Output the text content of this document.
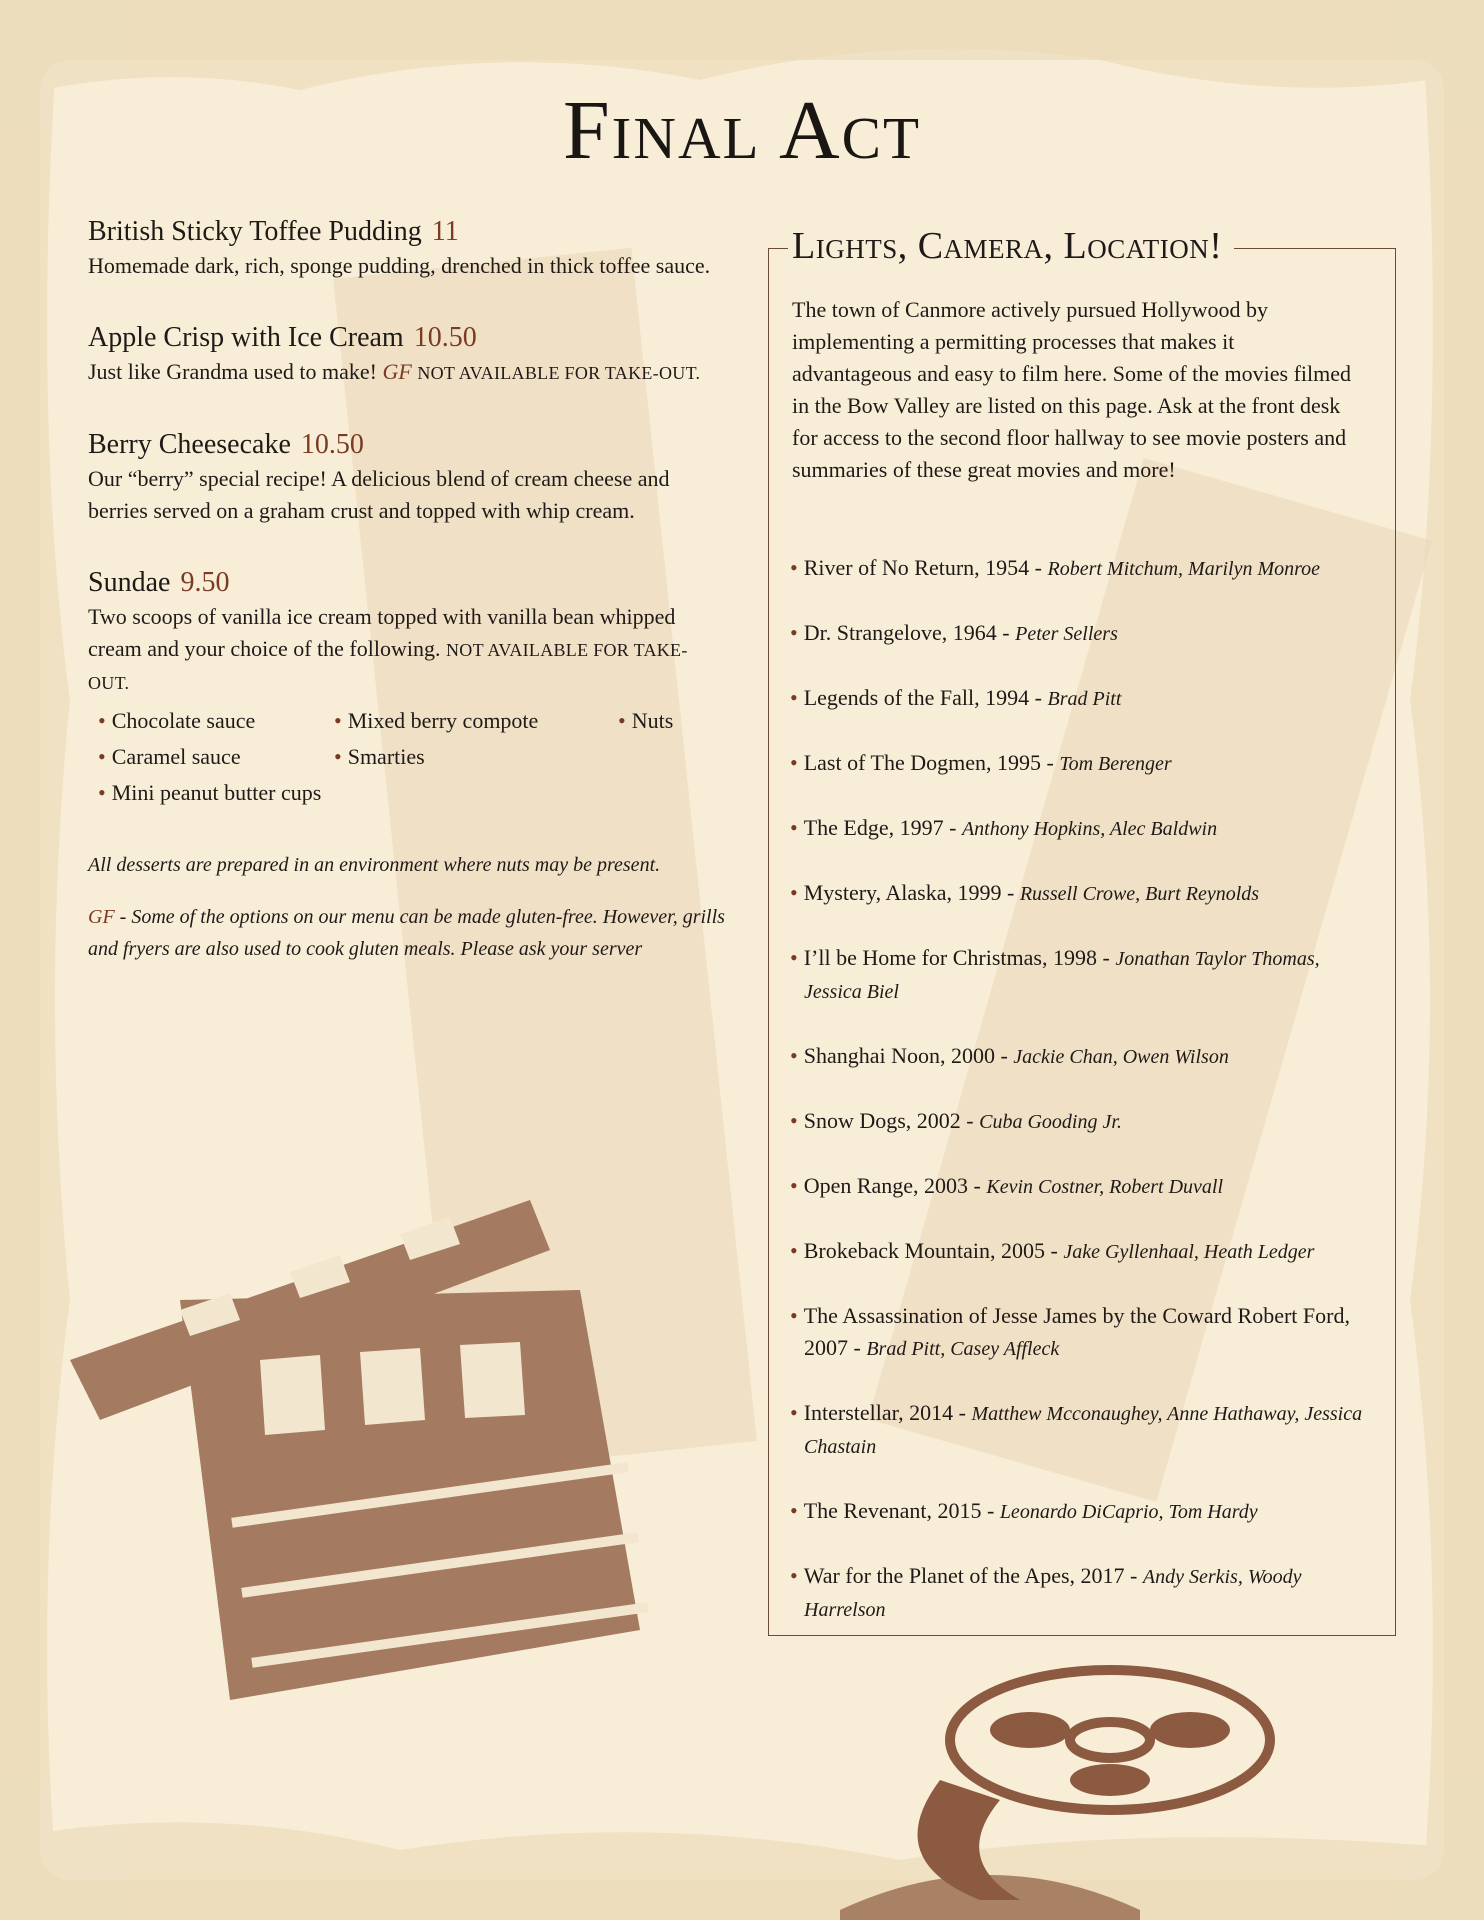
Final Act
British Sticky Toffee Pudding 11
Homemade dark, rich, sponge pudding, drenched in thick toffee sauce.
Apple Crisp with Ice Cream 10.50
Just like Grandma used to make! GF NOT AVAILABLE FOR TAKE-OUT.
Berry Cheesecake 10.50
Our “berry” special recipe! A delicious blend of cream cheese and berries served on a graham crust and topped with whip cream.
Sundae 9.50
Two scoops of vanilla ice cream topped with vanilla bean whipped cream and your choice of the following. NOT AVAILABLE FOR TAKE-OUT.
• Chocolate sauce	• Mixed berry compote	• Nuts
• Caramel sauce	• Smarties
• Mini peanut butter cups
All desserts are prepared in an environment where nuts may be present.
GF - Some of the options on our menu can be made gluten-free. However, grills and fryers are also used to cook gluten meals. Please ask your server
Lights, Camera, Location!
The town of Canmore actively pursued Hollywood by implementing a permitting processes that makes it advantageous and easy to film here. Some of the movies filmed in the Bow Valley are listed on this page. Ask at the front desk for access to the second floor hallway to see movie posters and summaries of these great movies and more!
• River of No Return, 1954 - Robert Mitchum, Marilyn Monroe
• Dr. Strangelove, 1964 - Peter Sellers
• Legends of the Fall, 1994 - Brad Pitt
• Last of The Dogmen, 1995 - Tom Berenger
• The Edge, 1997 - Anthony Hopkins, Alec Baldwin
• Mystery, Alaska, 1999 - Russell Crowe, Burt Reynolds
• I’ll be Home for Christmas, 1998 - Jonathan Taylor Thomas, Jessica Biel
• Shanghai Noon, 2000 - Jackie Chan, Owen Wilson
• Snow Dogs, 2002 - Cuba Gooding Jr.
• Open Range, 2003 - Kevin Costner, Robert Duvall
• Brokeback Mountain, 2005 - Jake Gyllenhaal, Heath Ledger
• The Assassination of Jesse James by the Coward Robert Ford, 2007 - Brad Pitt, Casey Affleck
• Interstellar, 2014 - Matthew Mcconaughey, Anne Hathaway, Jessica Chastain
• The Revenant, 2015 - Leonardo DiCaprio, Tom Hardy
• War for the Planet of the Apes, 2017 - Andy Serkis, Woody Harrelson
